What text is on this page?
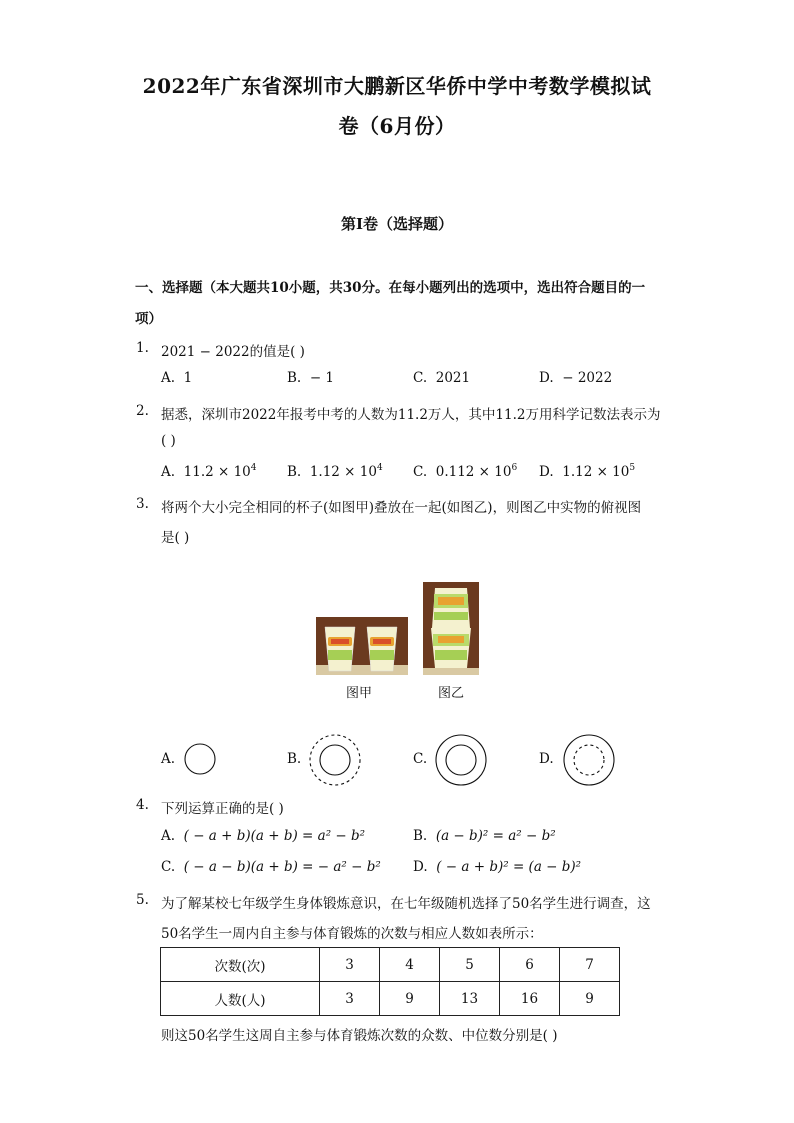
2022年广东省深圳市大鹏新区华侨中学中考数学模拟试
卷（6月份）
第I卷（选择题）
一、选择题（本大题共10小题，共30分。在每小题列出的选项中，选出符合题目的一
项）
1. 2021 − 2022的值是( )
A. 1	B. − 1	C. 2021	D. − 2022
2. 据悉，深圳市2022年报考中考的人数为11.2万人，其中11.2万用科学记数法表示为
( )
A. $11.2 \times 10^4$ B. $1.12 \times 10^4$ C. $0.112 \times 10^6$ D. $1.12 \times 10^5$
3. 将两个大小完全相同的杯子(如图甲)叠放在一起(如图乙)，则图乙中实物的俯视图
是( )
图甲	图乙
A.	B.	C.	D.
4. 下列运算正确的是( )
A. ( − a + b)(a + b) = a² − b²	B. (a − b)² = a² − b²
C. ( − a − b)(a + b) = − a² − b² D. ( − a + b)² = (a − b)²
5. 为了解某校七年级学生身体锻炼意识，在七年级随机选择了50名学生进行调查，这
50名学生一周内自主参与体育锻炼的次数与相应人数如表所示：
次数(次)	3	4	5	6	7
人数(人)	3	9	13	16	9
则这50名学生这周自主参与体育锻炼次数的众数、中位数分别是( )
